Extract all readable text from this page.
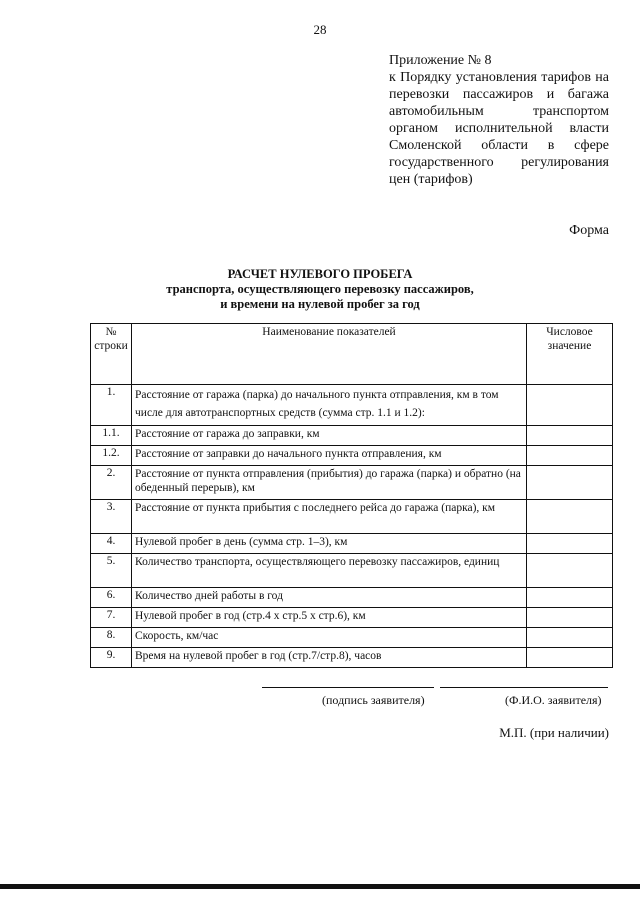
28
Приложение № 8
к Порядку установления тарифов на перевозки пассажиров и багажа автомобильным транспортом органом исполнительной власти Смоленской области в сфере государственного регулирования цен (тарифов)
Форма
РАСЧЕТ НУЛЕВОГО ПРОБЕГА
транспорта, осуществляющего перевозку пассажиров,
и времени на нулевой пробег за год
№ строки	Наименование показателей	Числовое значение
1.	Расстояние от гаража (парка) до начального пункта отправления, км в том числе для автотранспортных средств (сумма стр. 1.1 и 1.2):	
1.1.	Расстояние от гаража до заправки, км	
1.2.	Расстояние от заправки до начального пункта отправления, км	
2.	Расстояние от пункта отправления (прибытия) до гаража (парка) и обратно (на обеденный перерыв), км	
3.	Расстояние от пункта прибытия с последнего рейса до гаража (парка), км	
4.	Нулевой пробег в день (сумма стр. 1–3), км	
5.	Количество транспорта, осуществляющего перевозку пассажиров, единиц	
6.	Количество дней работы в год	
7.	Нулевой пробег в год (стр.4 х стр.5 х стр.6), км	
8.	Скорость, км/час	
9.	Время на нулевой пробег в год (стр.7/стр.8), часов	
(подпись заявителя)	(Ф.И.О. заявителя)
М.П. (при наличии)
